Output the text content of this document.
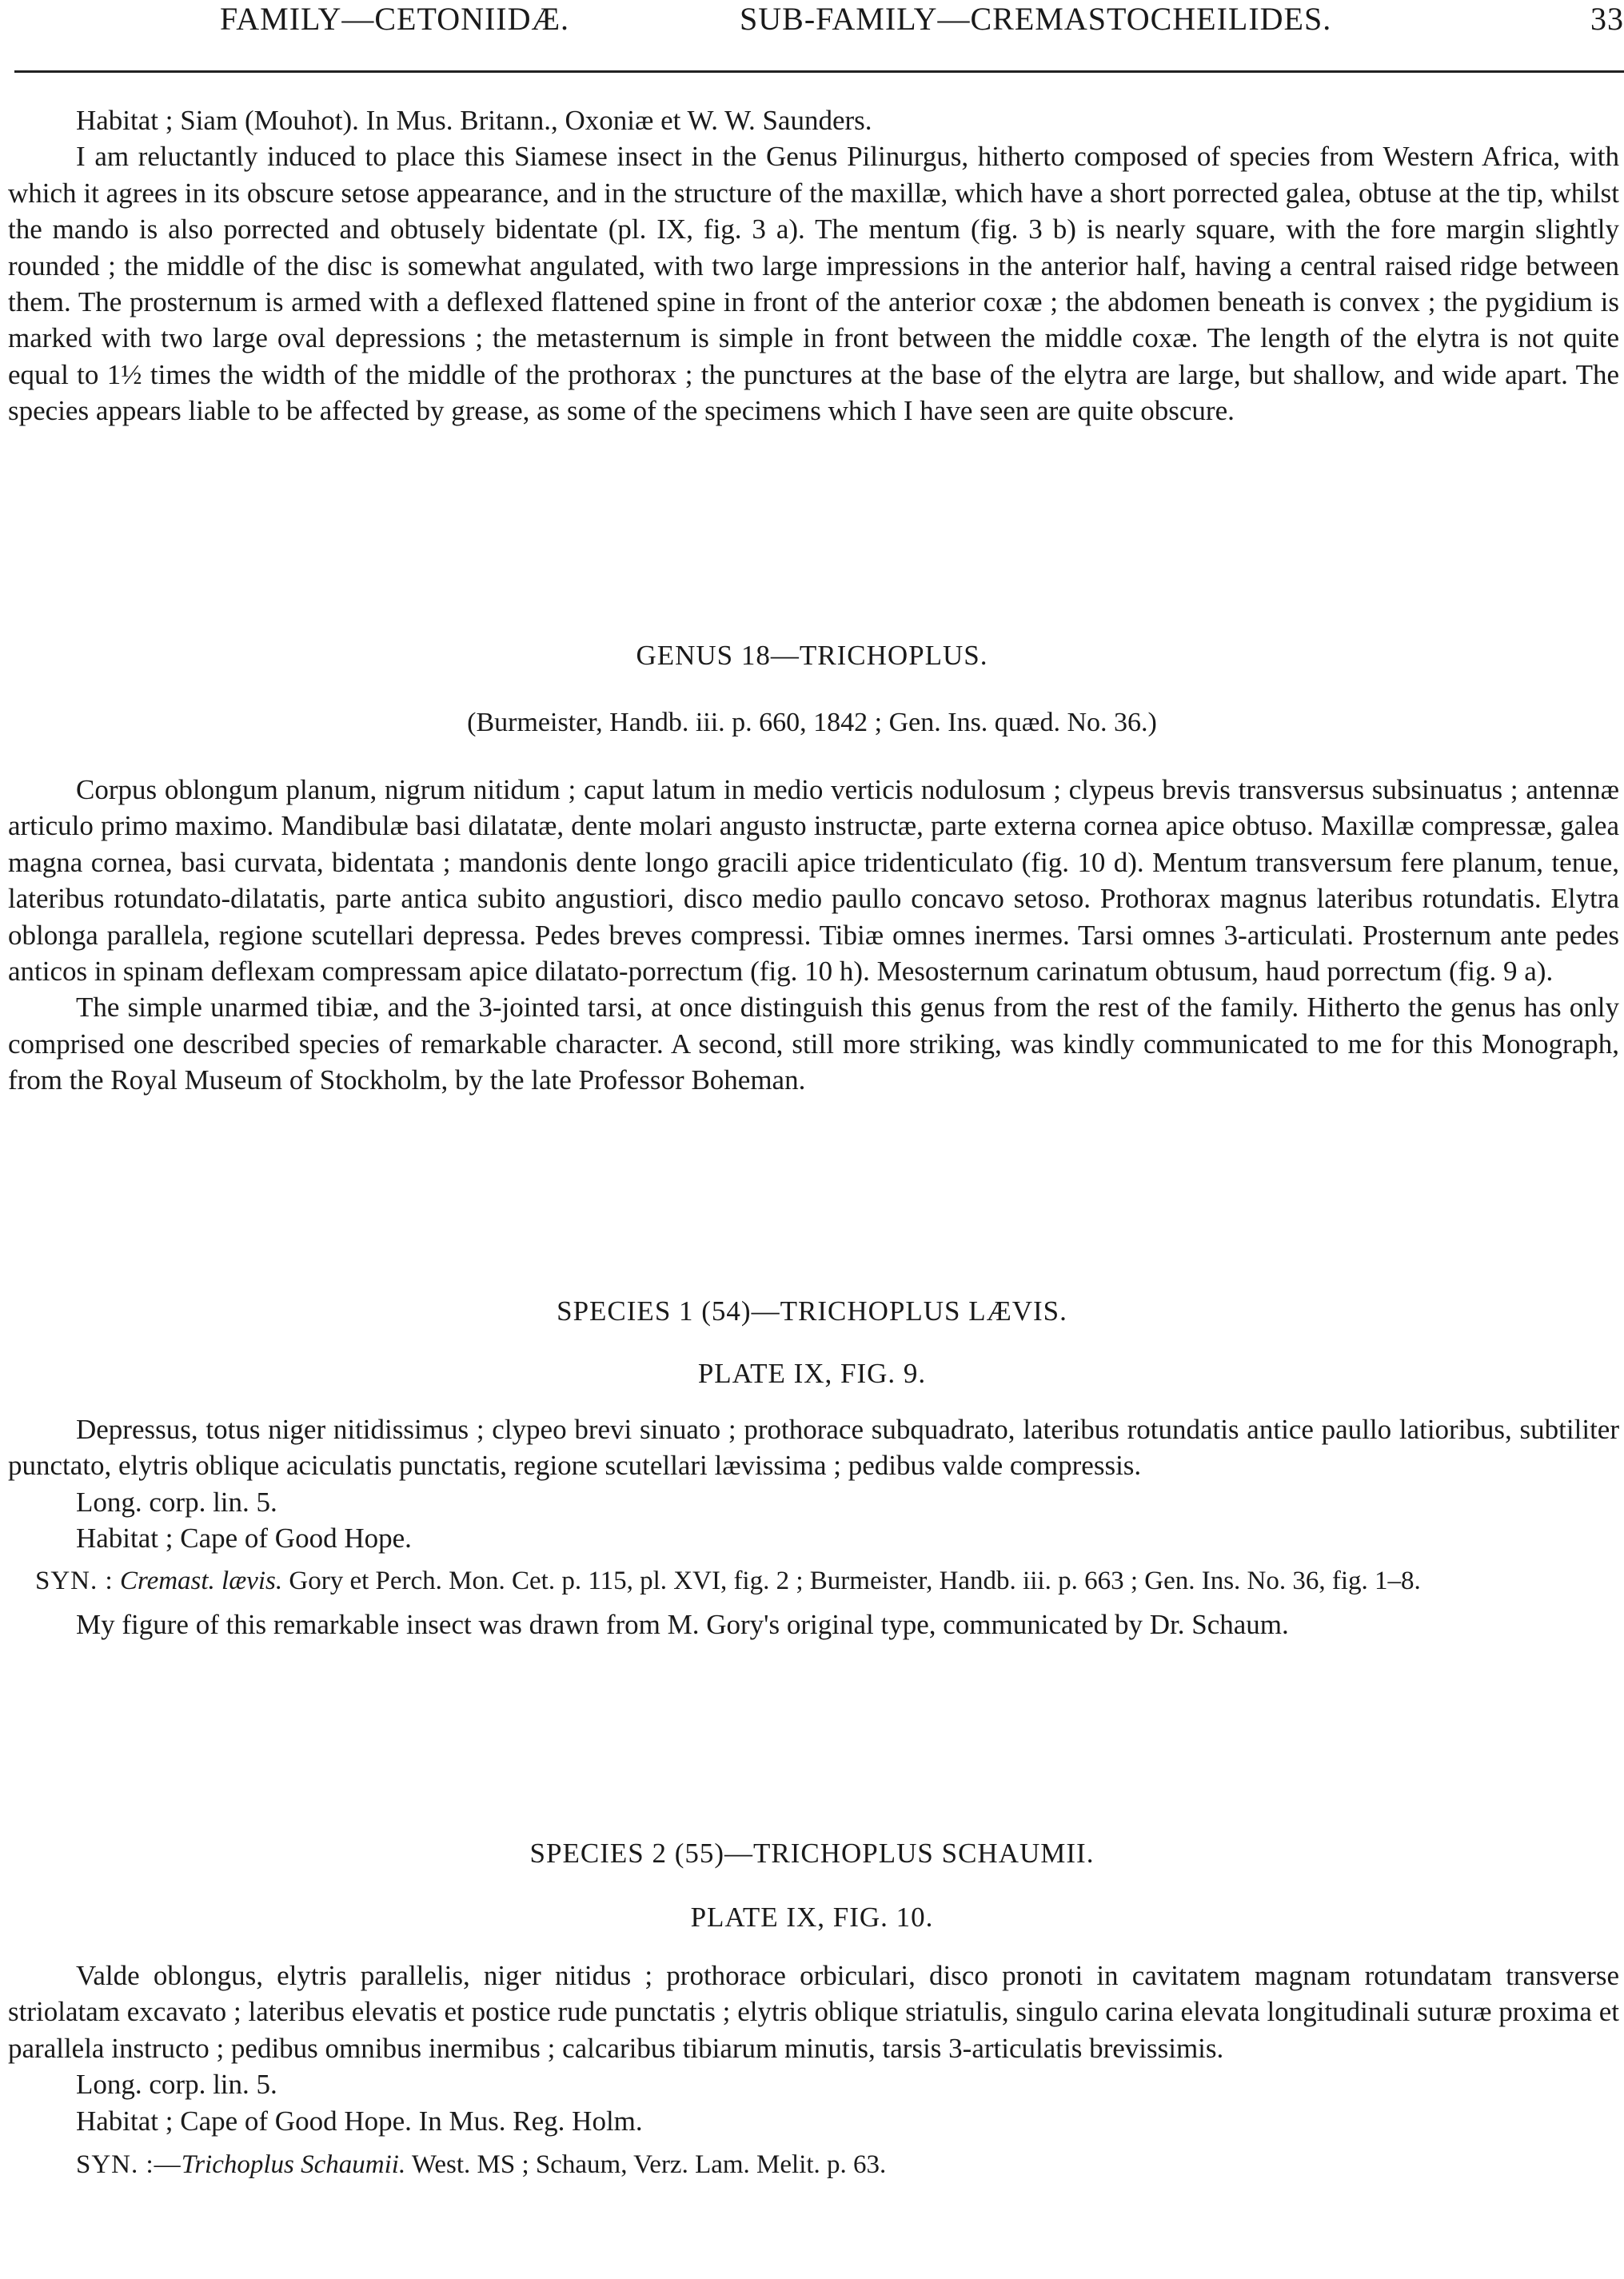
FAMILY—CETONIIDÆ.	SUB-FAMILY—CREMASTOCHEILIDES.	33

Habitat ; Siam (Mouhot). In Mus. Britann., Oxoniæ et W. W. Saunders.

I am reluctantly induced to place this Siamese insect in the Genus Pilinurgus, hitherto composed of species from Western Africa, with which it agrees in its obscure setose appearance, and in the structure of the maxillæ, which have a short porrected galea, obtuse at the tip, whilst the mando is also porrected and obtusely bidentate (pl. IX, fig. 3 a). The mentum (fig. 3 b) is nearly square, with the fore margin slightly rounded ; the middle of the disc is somewhat angulated, with two large impressions in the anterior half, having a central raised ridge between them. The prosternum is armed with a deflexed flattened spine in front of the anterior coxæ ; the abdomen beneath is convex ; the pygidium is marked with two large oval depressions ; the metasternum is simple in front between the middle coxæ. The length of the elytra is not quite equal to 1½ times the width of the middle of the prothorax ; the punctures at the base of the elytra are large, but shallow, and wide apart. The species appears liable to be affected by grease, as some of the specimens which I have seen are quite obscure.

GENUS 18—TRICHOPLUS.
(Burmeister, Handb. iii. p. 660, 1842 ; Gen. Ins. quæd. No. 36.)

Corpus oblongum planum, nigrum nitidum ; caput latum in medio verticis nodulosum ; clypeus brevis transversus subsinuatus ; antennæ articulo primo maximo. Mandibulæ basi dilatatæ, dente molari angusto instructæ, parte externa cornea apice obtuso. Maxillæ compressæ, galea magna cornea, basi curvata, bidentata ; mandonis dente longo gracili apice tridenticulato (fig. 10 d). Mentum transversum fere planum, tenue, lateribus rotundato-dilatatis, parte antica subito angustiori, disco medio paullo concavo setoso. Prothorax magnus lateribus rotundatis. Elytra oblonga parallela, regione scutellari depressa. Pedes breves compressi. Tibiæ omnes inermes. Tarsi omnes 3-articulati. Prosternum ante pedes anticos in spinam deflexam compressam apice dilatato-porrectum (fig. 10 h). Mesosternum carinatum obtusum, haud porrectum (fig. 9 a).

The simple unarmed tibiæ, and the 3-jointed tarsi, at once distinguish this genus from the rest of the family. Hitherto the genus has only comprised one described species of remarkable character. A second, still more striking, was kindly communicated to me for this Monograph, from the Royal Museum of Stockholm, by the late Professor Boheman.

SPECIES 1 (54)—TRICHOPLUS LÆVIS.
PLATE IX, FIG. 9.

Depressus, totus niger nitidissimus ; clypeo brevi sinuato ; prothorace subquadrato, lateribus rotundatis antice paullo latioribus, subtiliter punctato, elytris oblique aciculatis punctatis, regione scutellari lævissima ; pedibus valde compressis.

Long. corp. lin. 5.

Habitat ; Cape of Good Hope.

SYN. : Cremast. lævis. Gory et Perch. Mon. Cet. p. 115, pl. XVI, fig. 2 ; Burmeister, Handb. iii. p. 663 ; Gen. Ins. No. 36, fig. 1–8.

My figure of this remarkable insect was drawn from M. Gory's original type, communicated by Dr. Schaum.

SPECIES 2 (55)—TRICHOPLUS SCHAUMII.
PLATE IX, FIG. 10.

Valde oblongus, elytris parallelis, niger nitidus ; prothorace orbiculari, disco pronoti in cavitatem magnam rotundatam transverse striolatam excavato ; lateribus elevatis et postice rude punctatis ; elytris oblique striatulis, singulo carina elevata longitudinali suturæ proxima et parallela instructo ; pedibus omnibus inermibus ; calcaribus tibiarum minutis, tarsis 3-articulatis brevissimis.

Long. corp. lin. 5.

Habitat ; Cape of Good Hope. In Mus. Reg. Holm.

SYN. :—Trichoplus Schaumii. West. MS ; Schaum, Verz. Lam. Melit. p. 63.
